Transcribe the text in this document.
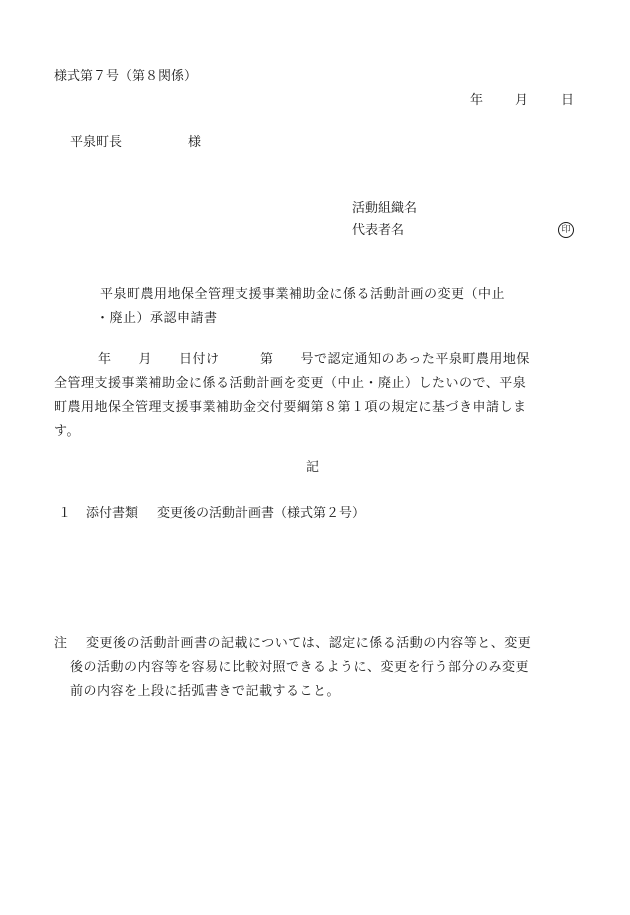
様式第７号（第８関係）
年 月	日
平泉町長	様
活動組織名
代表者名	印
平泉町農用地保全管理支援事業補助金に係る活動計画の変更（中止
・廃止）承認申請書
年　　月　　日付け　　　第　　号で認定通知のあった平泉町農用地保
全管理支援事業補助金に係る活動計画を変更（中止・廃止）したいので、平泉
町農用地保全管理支援事業補助金交付要綱第８第１項の規定に基づき申請しま
す。
記
１ 添付書類 変更後の活動計画書（様式第２号）
注	変更後の活動計画書の記載については、認定に係る活動の内容等と、変更
後の活動の内容等を容易に比較対照できるように、変更を行う部分のみ変更
前の内容を上段に括弧書きで記載すること。
